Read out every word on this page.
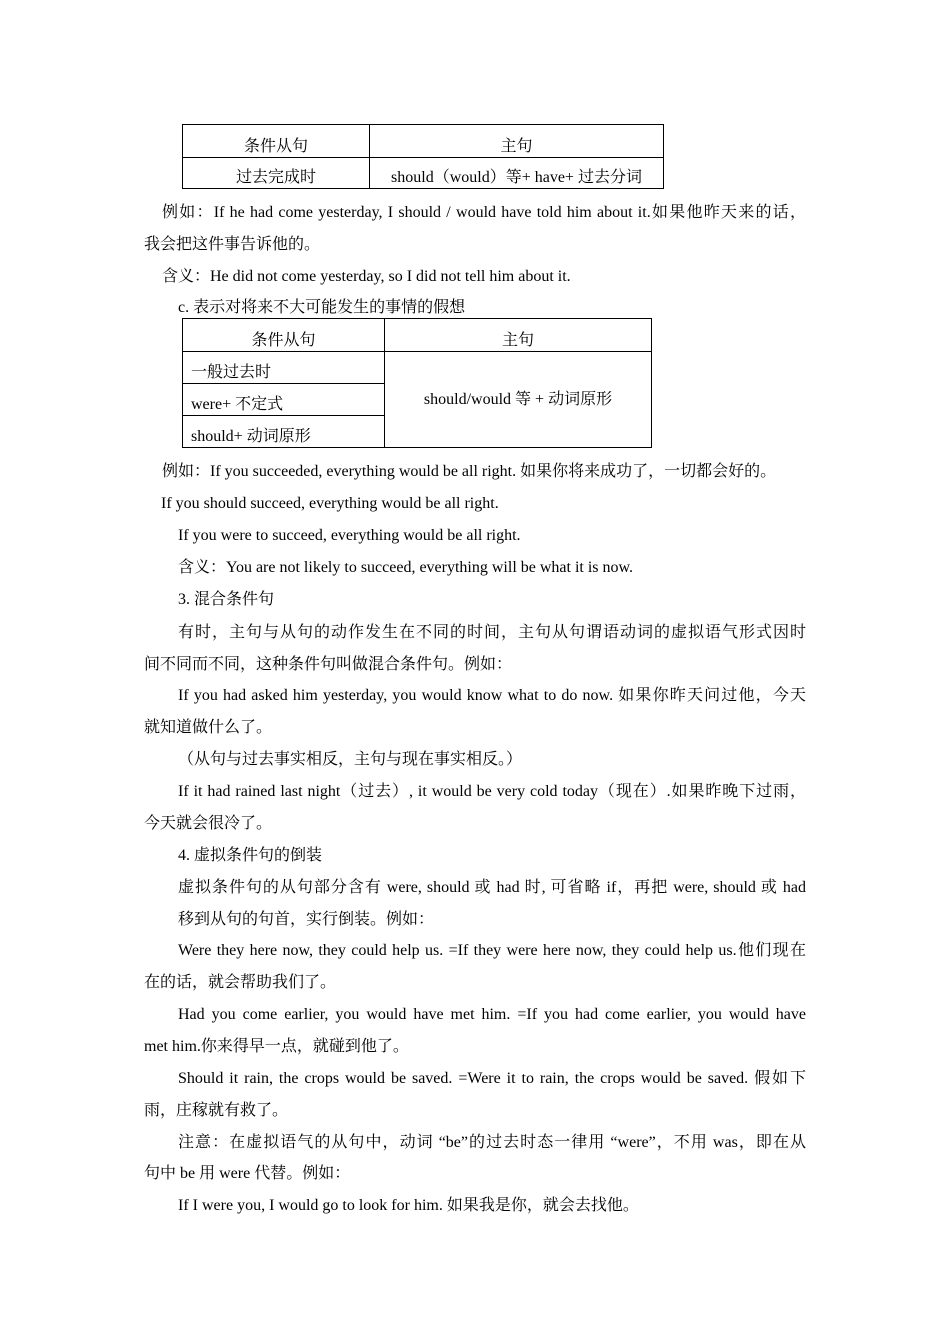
条件从句	主句
过去完成时	should（would）等+ have+ 过去分词
例如：If he had come yesterday, I should / would have told him about it.如果他昨天来的话，
我会把这件事告诉他的。
含义：He did not come yesterday, so I did not tell him about it.
c. 表示对将来不大可能发生的事情的假想
条件从句	主句
一般过去时	should/would 等 + 动词原形
were+ 不定式	
should+ 动词原形	
例如：If you succeeded, everything would be all right. 如果你将来成功了，一切都会好的。
If you should succeed, everything would be all right.
If you were to succeed, everything would be all right.
含义：You are not likely to succeed, everything will be what it is now.
3. 混合条件句
有时，主句与从句的动作发生在不同的时间，主句从句谓语动词的虚拟语气形式因时
间不同而不同，这种条件句叫做混合条件句。例如：
If you had asked him yesterday, you would know what to do now. 如果你昨天问过他，今天
就知道做什么了。
（从句与过去事实相反，主句与现在事实相反。）
If it had rained last night（过去）, it would be very cold today（现在）.如果昨晚下过雨，
今天就会很冷了。
4. 虚拟条件句的倒装
虚拟条件句的从句部分含有 were, should 或 had 时, 可省略 if，再把 were, should 或 had
移到从句的句首，实行倒装。例如：
Were they here now, they could help us. =If they were here now, they could help us.他们现在
在的话，就会帮助我们了。
Had you come earlier, you would have met him. =If you had come earlier, you would have
met him.你来得早一点，就碰到他了。
Should it rain, the crops would be saved. =Were it to rain, the crops would be saved. 假如下
雨，庄稼就有救了。
注意：在虚拟语气的从句中，动词 “be”的过去时态一律用 “were”，不用 was，即在从
句中 be 用 were 代替。例如：
If I were you, I would go to look for him. 如果我是你，就会去找他。
